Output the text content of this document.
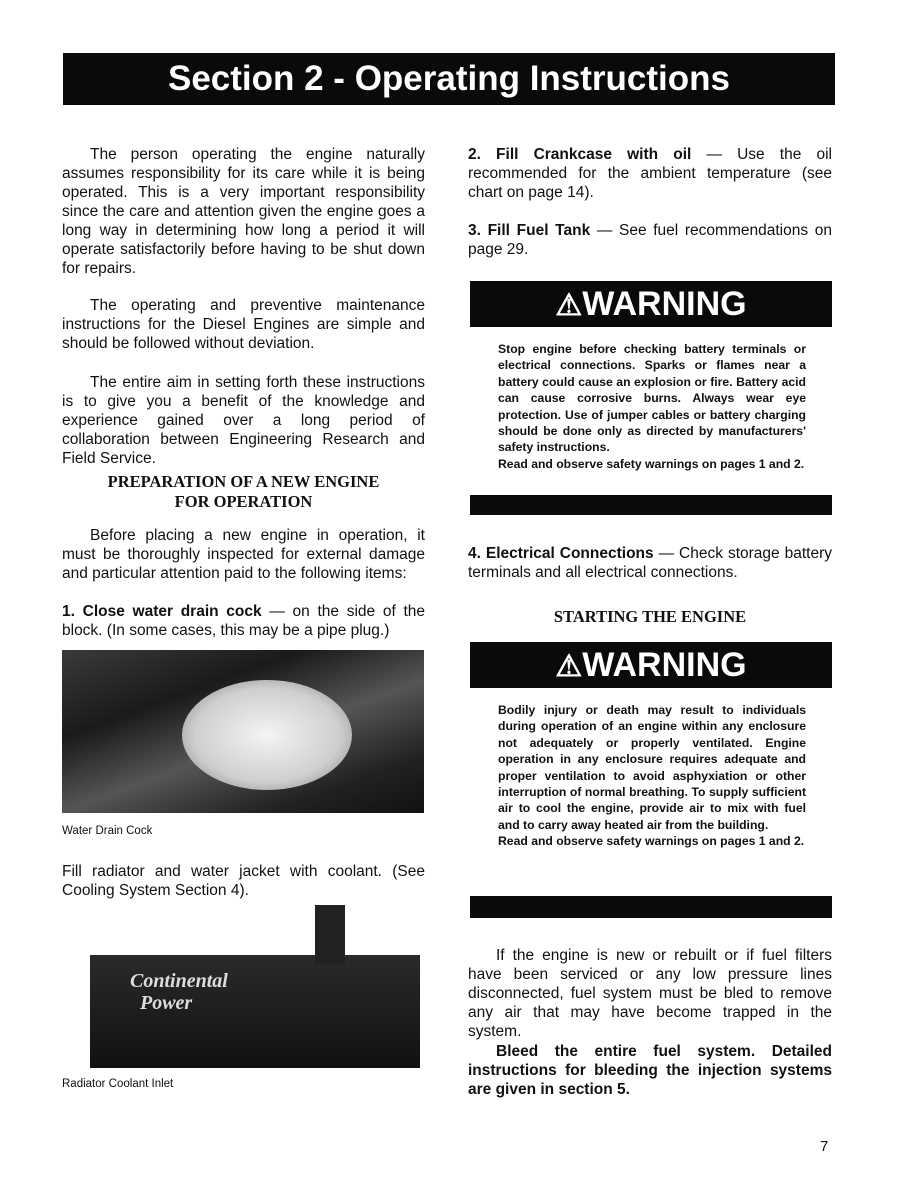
Section 2 - Operating Instructions

The person operating the engine naturally assumes responsibility for its care while it is being operated. This is a very important responsibility since the care and attention given the engine goes a long way in determining how long a period it will operate satisfactorily before having to be shut down for repairs.

The operating and preventive maintenance instructions for the Diesel Engines are simple and should be followed without deviation.

The entire aim in setting forth these instructions is to give you a benefit of the knowledge and experience gained over a long period of collaboration between Engineering Research and Field Service.

PREPARATION OF A NEW ENGINE
FOR OPERATION

Before placing a new engine in operation, it must be thoroughly inspected for external damage and particular attention paid to the following items:

1. Close water drain cock — on the side of the block. (In some cases, this may be a pipe plug.)

Water Drain Cock

Fill radiator and water jacket with coolant. (See Cooling System Section 4).

Continental
Power
Radiator Coolant Inlet

2. Fill Crankcase with oil — Use the oil recommended for the ambient temperature (see chart on page 14).

3. Fill Fuel Tank — See fuel recommendations on page 29.

⚠WARNING
Stop engine before checking battery terminals or electrical connections. Sparks or flames near a battery could cause an explosion or fire. Battery acid can cause corrosive burns. Always wear eye protection. Use of jumper cables or battery charging should be done only as directed by manufacturers' safety instructions.
Read and observe safety warnings on pages 1 and 2.

4. Electrical Connections — Check storage battery terminals and all electrical connections.

STARTING THE ENGINE
⚠WARNING
Bodily injury or death may result to individuals during operation of an engine within any enclosure not adequately or properly ventilated. Engine operation in any enclosure requires adequate and proper ventilation to avoid asphyxiation or other interruption of normal breathing. To supply sufficient air to cool the engine, provide air to mix with fuel and to carry away heated air from the building.
Read and observe safety warnings on pages 1 and 2.

If the engine is new or rebuilt or if fuel filters have been serviced or any low pressure lines disconnected, fuel system must be bled to remove any air that may have become trapped in the system.

Bleed the entire fuel system. Detailed instructions for bleeding the injection systems are given in section 5.

7
